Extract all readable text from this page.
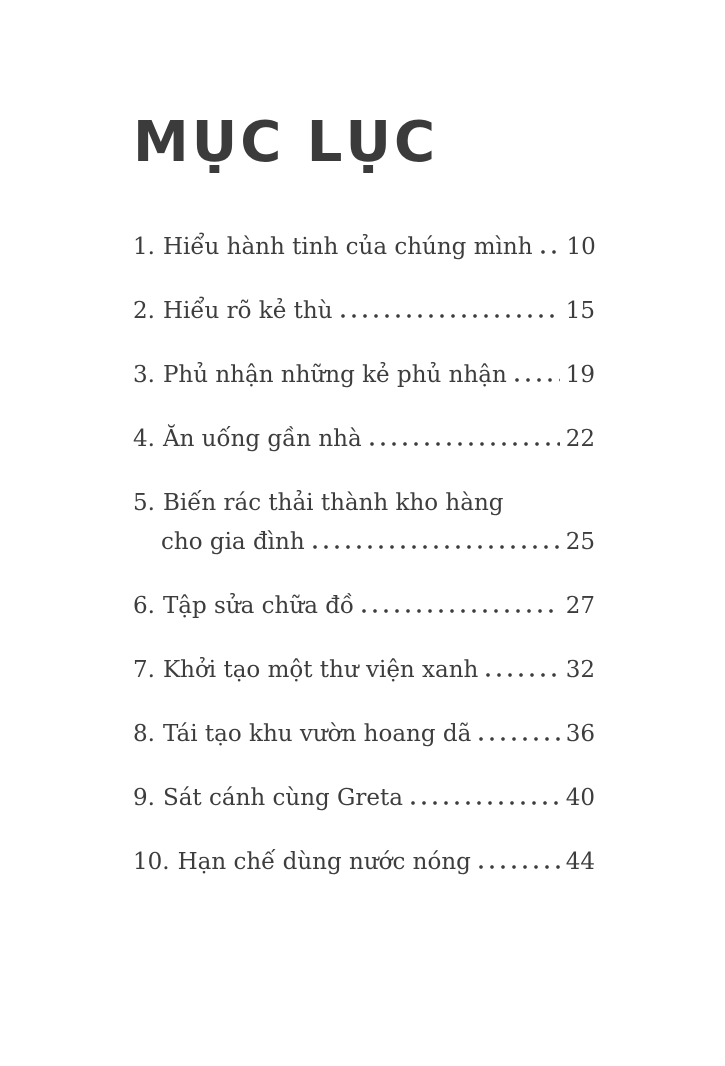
MỤC LỤC
1. Hiểu hành tinh của chúng mình 10
2. Hiểu rõ kẻ thù	15
3. Phủ nhận những kẻ phủ nhận	19
4. Ăn uống gần nhà	22
5. Biến rác thải thành kho hàng
cho gia đình	25
6. Tập sửa chữa đồ	27
7. Khởi tạo một thư viện xanh	32
8. Tái tạo khu vườn hoang dã	36
9. Sát cánh cùng Greta	40
10. Hạn chế dùng nước nóng	44
